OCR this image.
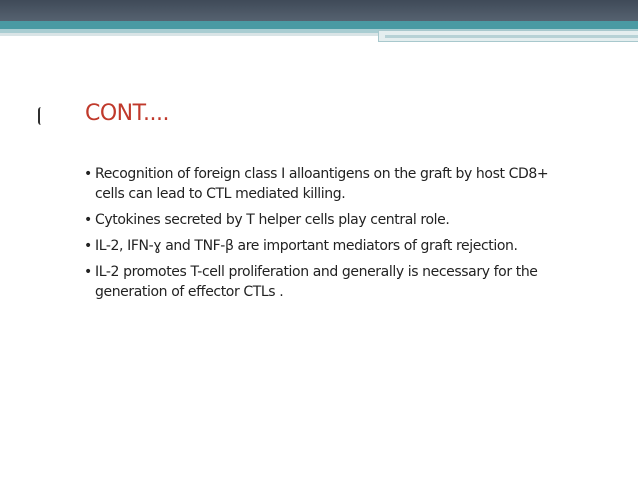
CONT....
• Recognition of foreign class I alloantigens on the graft by host CD8+ cells can lead to CTL mediated killing.
• Cytokines secreted by T helper cells play central role.
• IL-2, IFN-ɣ and TNF-β are important mediators of graft rejection.
• IL-2 promotes T-cell proliferation and generally is necessary for the generation of effector CTLs .
